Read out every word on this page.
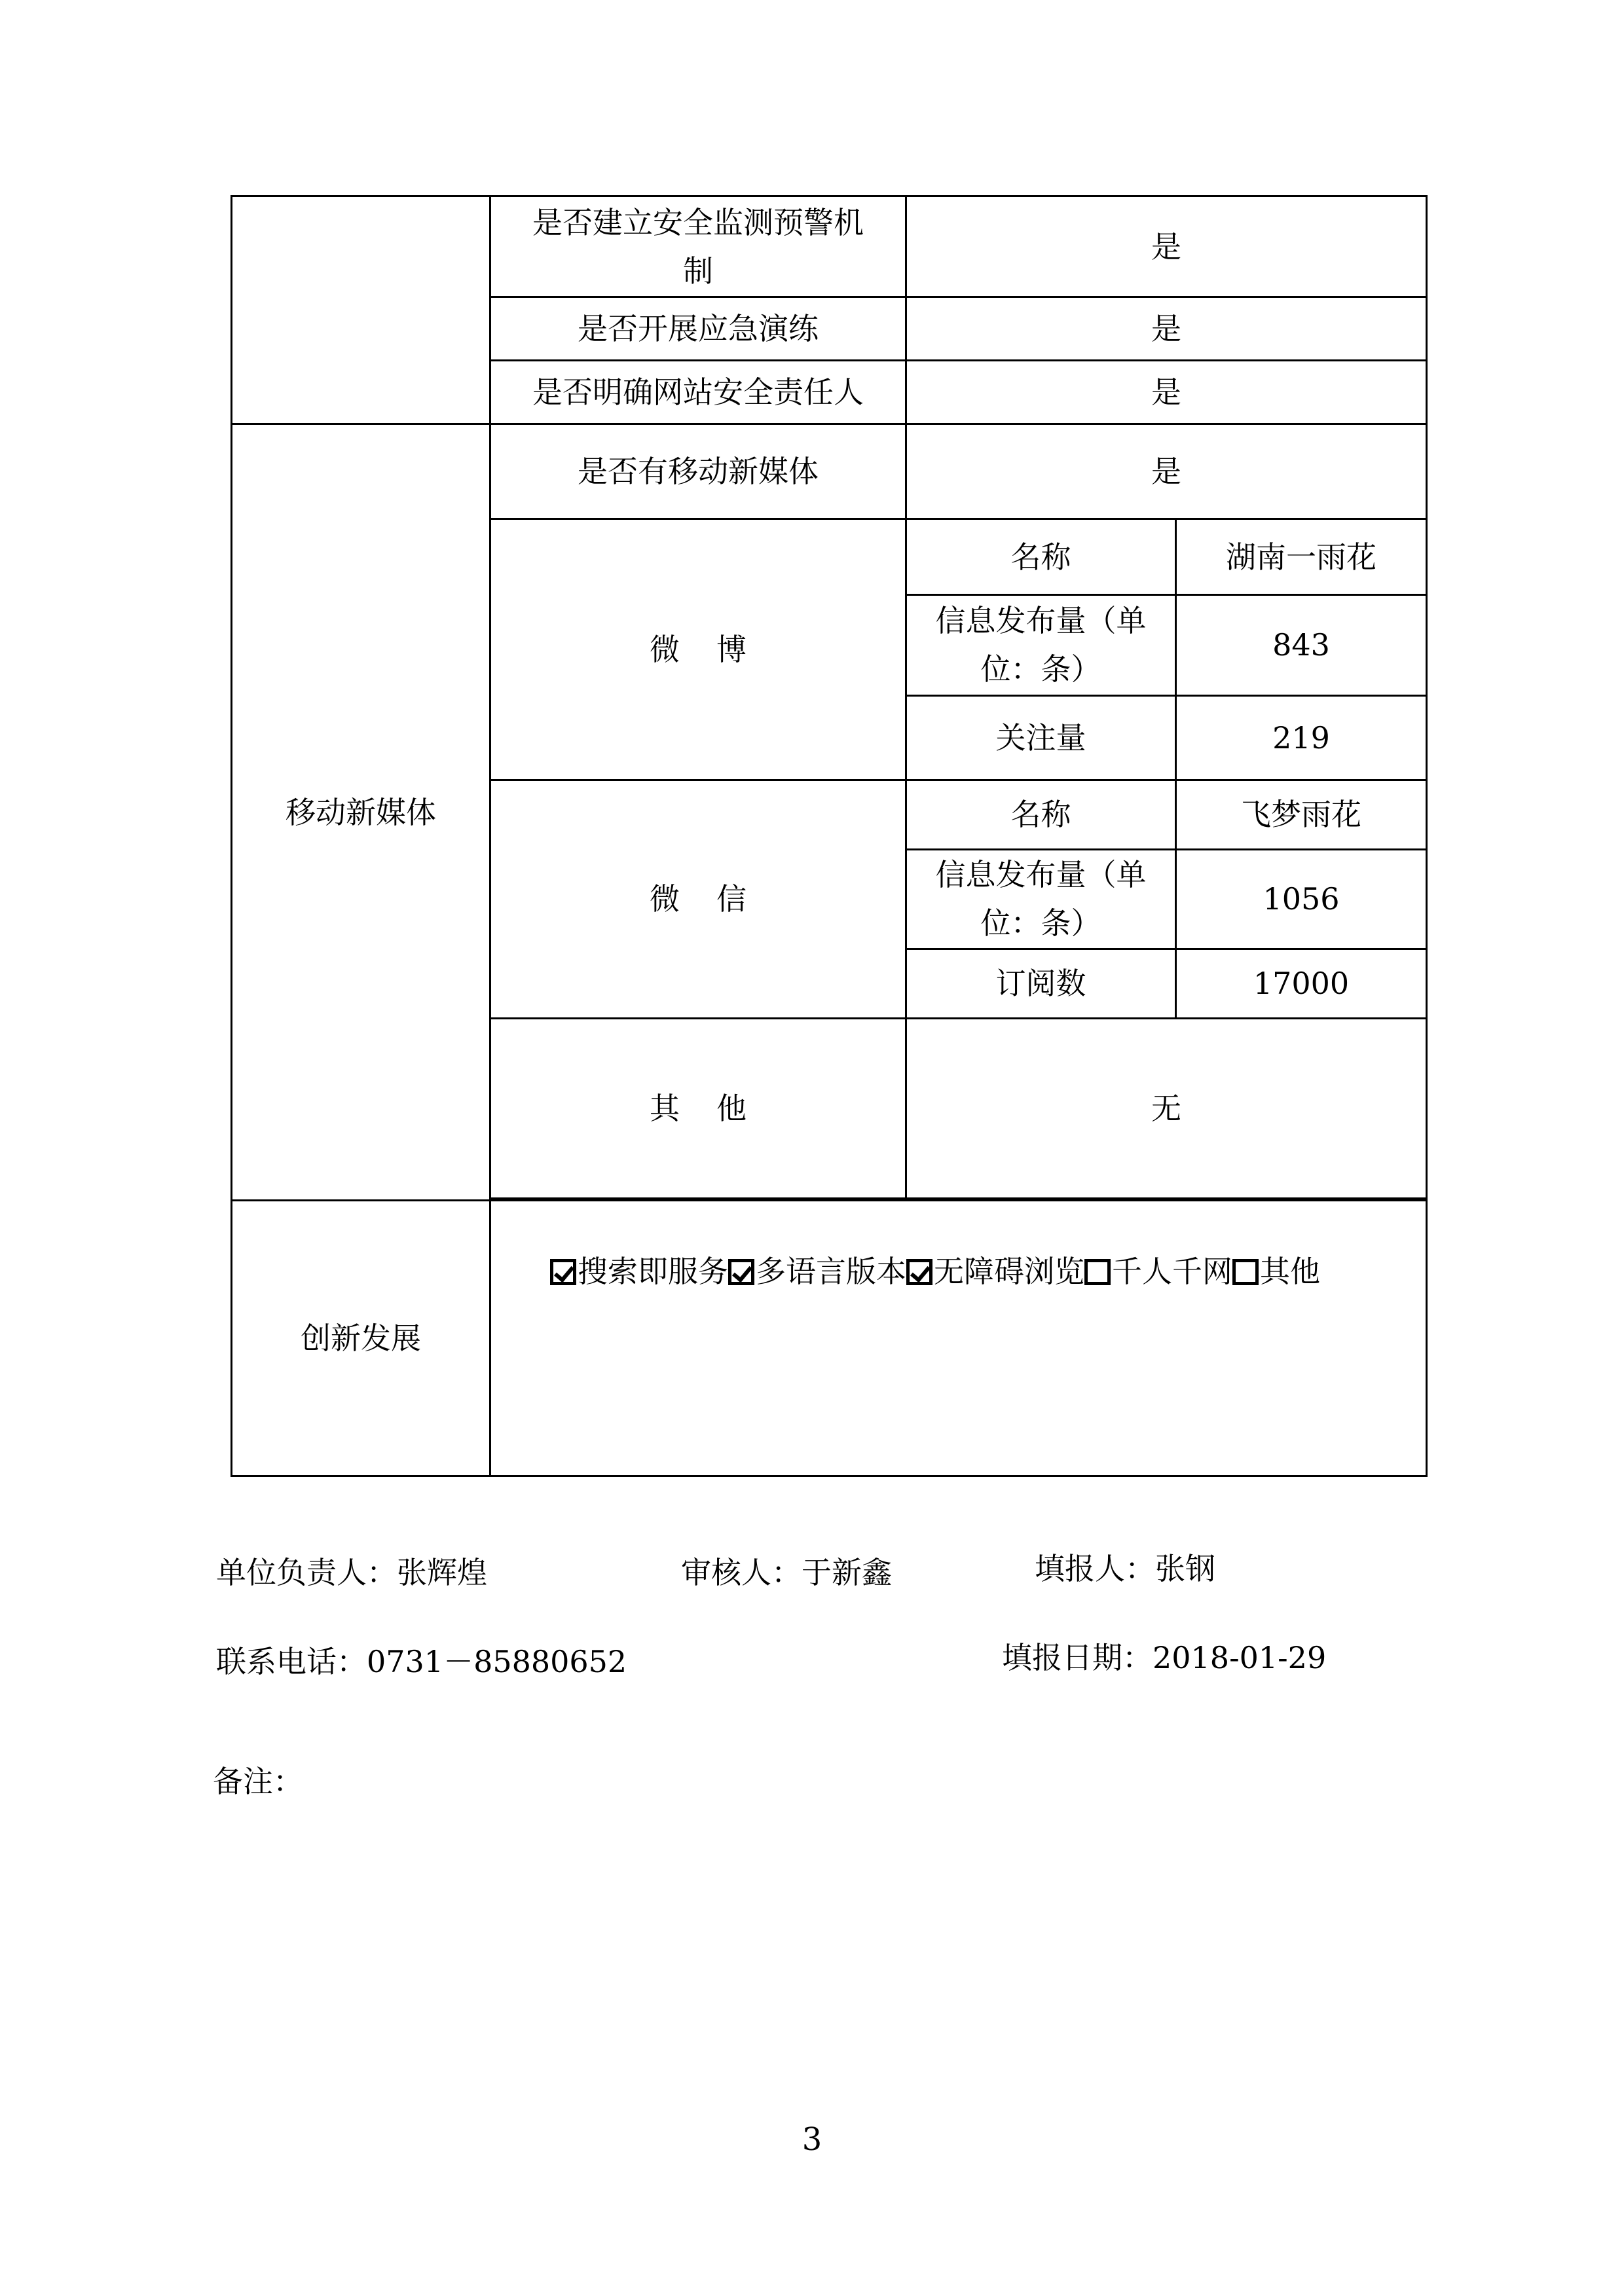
	是否建立安全监测预警机制	是	
	是否开展应急演练	是	
	是否明确网站安全责任人	是	
移动新媒体	是否有移动新媒体	是	
	微博	名称	湖南一雨花
		信息发布量（单位：条）	843
		关注量	219
	微信	名称	飞梦雨花
		信息发布量（单位：条）	1056
		订阅数	17000
	其他	无	

创新发展	搜索即服务 多语言版本 无障碍浏览 千人千网 其他		
单位负责人：张辉煌	审核人：于新鑫	填报人：张钢
联系电话：0731－85880652	填报日期：2018-01-29
备注：
3
